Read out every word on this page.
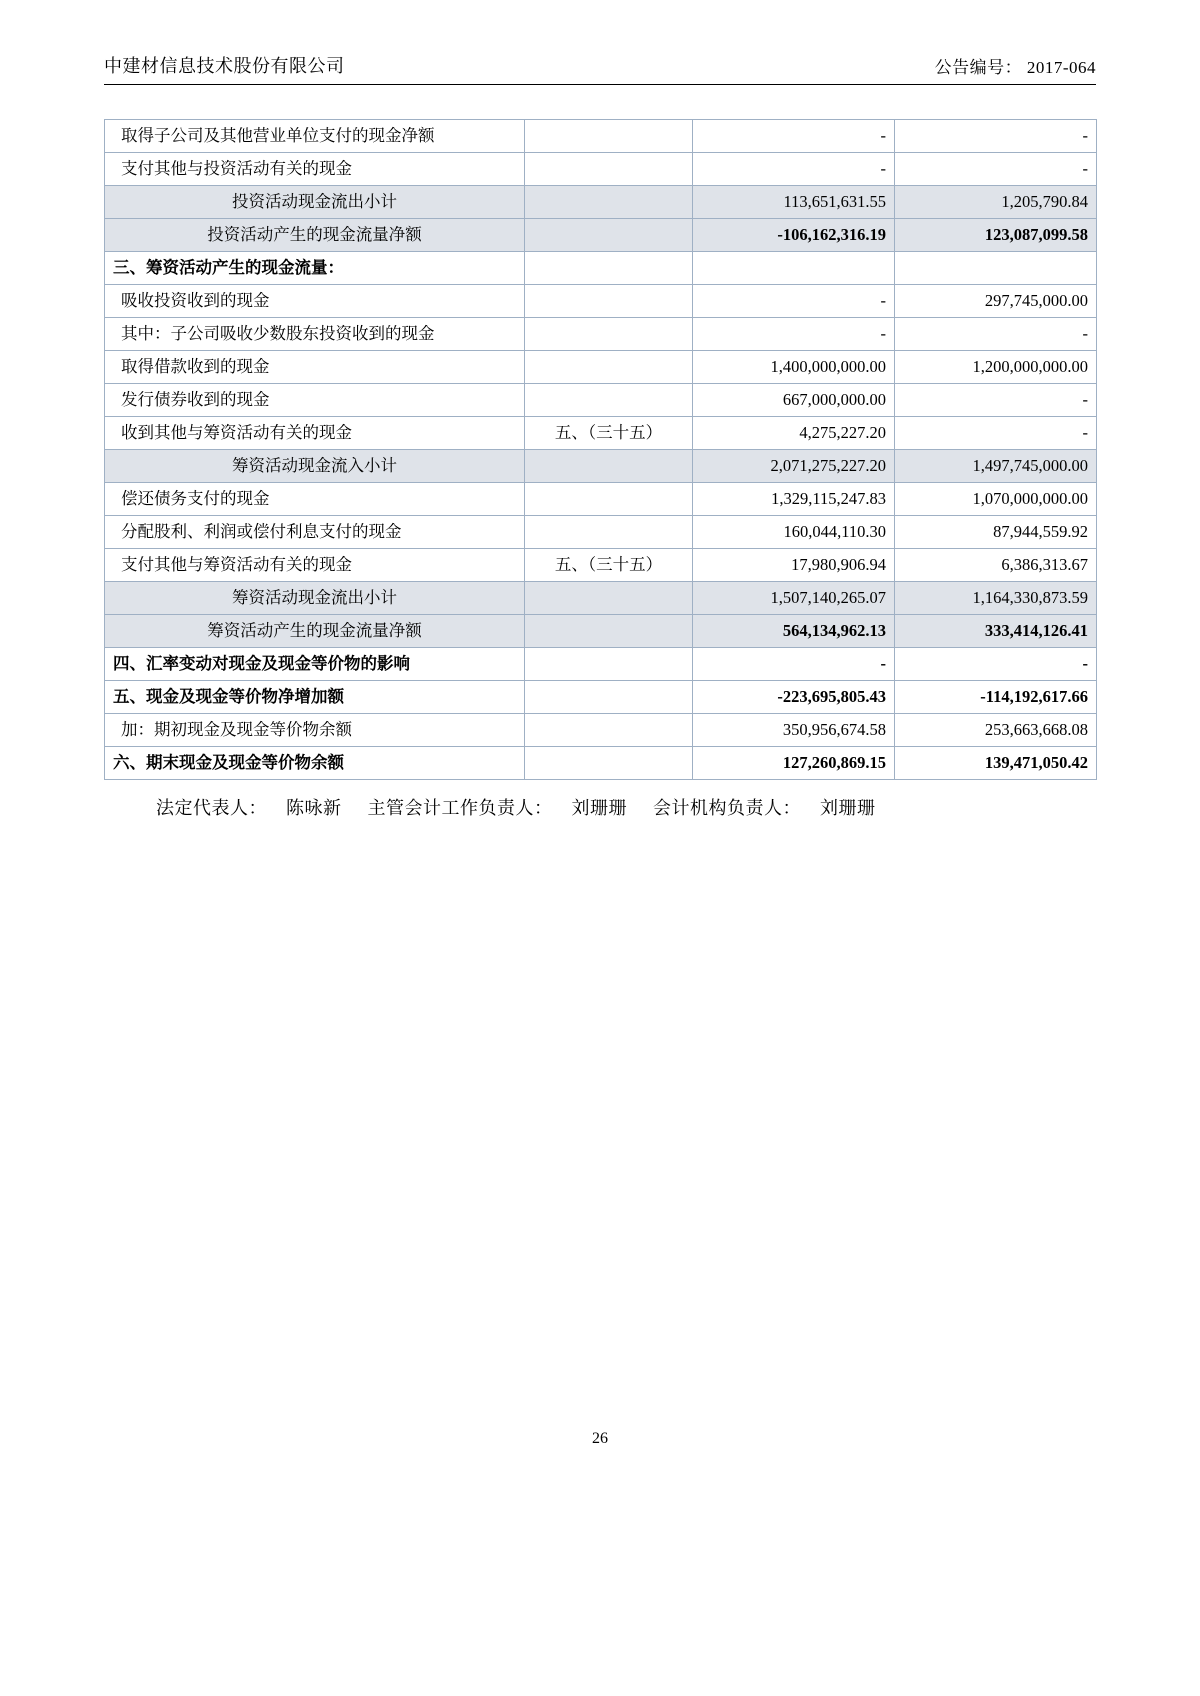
中建材信息技术股份有限公司	公告编号： 2017-064
取得子公司及其他营业单位支付的现金净额		-	-
支付其他与投资活动有关的现金		-	-
投资活动现金流出小计		113,651,631.55	1,205,790.84
投资活动产生的现金流量净额		-106,162,316.19	123,087,099.58
三、筹资活动产生的现金流量：			
吸收投资收到的现金		-	297,745,000.00
其中：子公司吸收少数股东投资收到的现金		-	-
取得借款收到的现金		1,400,000,000.00	1,200,000,000.00
发行债券收到的现金		667,000,000.00	-
收到其他与筹资活动有关的现金	五、（三十五）	4,275,227.20	-
筹资活动现金流入小计		2,071,275,227.20	1,497,745,000.00
偿还债务支付的现金		1,329,115,247.83	1,070,000,000.00
分配股利、利润或偿付利息支付的现金		160,044,110.30	87,944,559.92
支付其他与筹资活动有关的现金	五、（三十五）	17,980,906.94	6,386,313.67
筹资活动现金流出小计		1,507,140,265.07	1,164,330,873.59
筹资活动产生的现金流量净额		564,134,962.13	333,414,126.41
四、汇率变动对现金及现金等价物的影响		-	-
五、现金及现金等价物净增加额		-223,695,805.43	-114,192,617.66
加：期初现金及现金等价物余额		350,956,674.58	253,663,668.08
六、期末现金及现金等价物余额		127,260,869.15	139,471,050.42
法定代表人： 陈咏新 主管会计工作负责人： 刘珊珊 会计机构负责人： 刘珊珊
26
